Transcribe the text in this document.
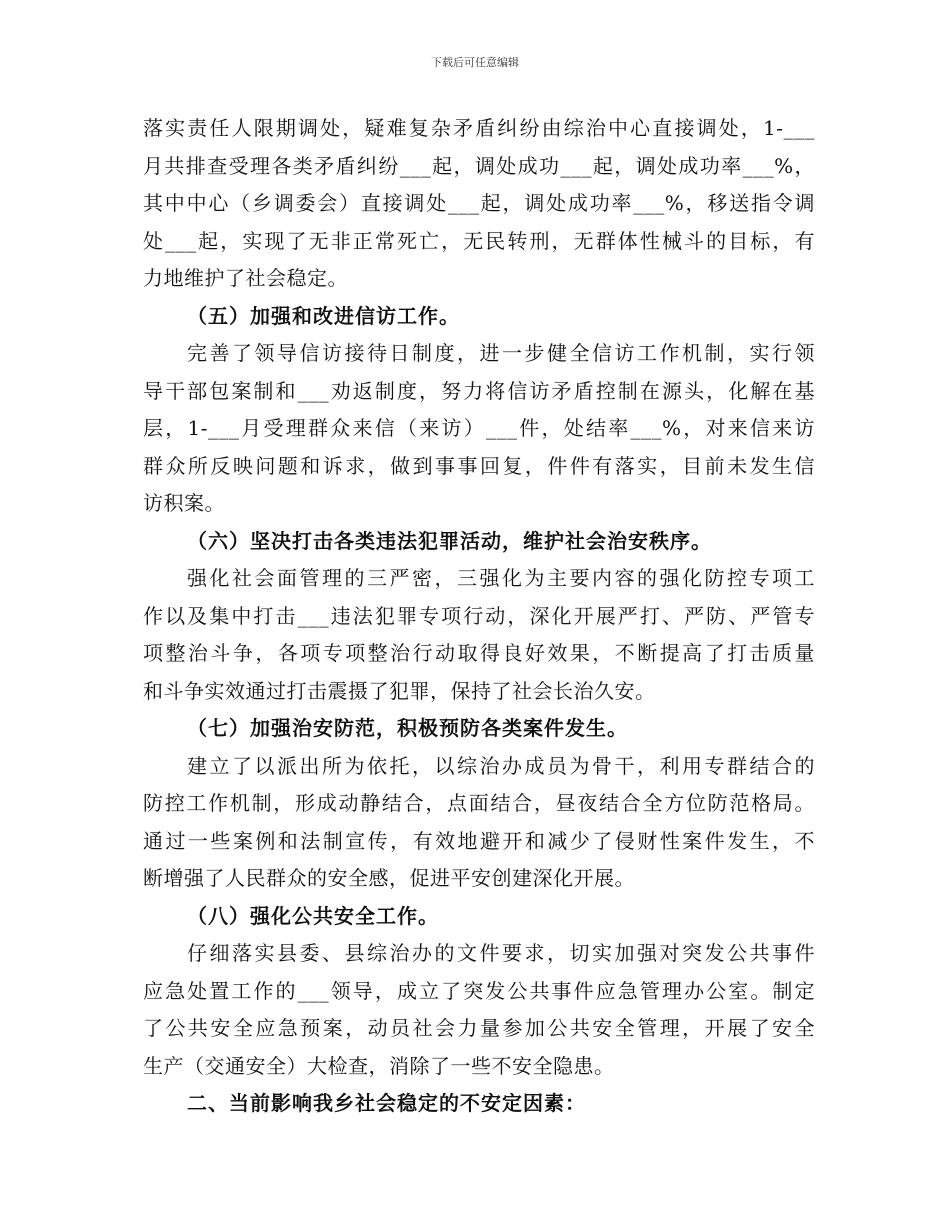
下载后可任意编辑
落实责任人限期调处，疑难复杂矛盾纠纷由综治中心直接调处，1-___
月共排查受理各类矛盾纠纷___起，调处成功___起，调处成功率___%，
其中中心（乡调委会）直接调处___起，调处成功率___%，移送指令调
处___起，实现了无非正常死亡，无民转刑，无群体性械斗的目标，有
力地维护了社会稳定。
（五）加强和改进信访工作。
完善了领导信访接待日制度，进一步健全信访工作机制，实行领
导干部包案制和___劝返制度，努力将信访矛盾控制在源头，化解在基
层，1-___月受理群众来信（来访）___件，处结率___%，对来信来访
群众所反映问题和诉求，做到事事回复，件件有落实，目前未发生信
访积案。
（六）坚决打击各类违法犯罪活动，维护社会治安秩序。
强化社会面管理的三严密，三强化为主要内容的强化防控专项工
作以及集中打击___违法犯罪专项行动，深化开展严打、严防、严管专
项整治斗争，各项专项整治行动取得良好效果，不断提高了打击质量
和斗争实效通过打击震摄了犯罪，保持了社会长治久安。
（七）加强治安防范，积极预防各类案件发生。
建立了以派出所为依托，以综治办成员为骨干，利用专群结合的
防控工作机制，形成动静结合，点面结合，昼夜结合全方位防范格局。
通过一些案例和法制宣传，有效地避开和减少了侵财性案件发生，不
断增强了人民群众的安全感，促进平安创建深化开展。
（八）强化公共安全工作。
仔细落实县委、县综治办的文件要求，切实加强对突发公共事件
应急处置工作的___领导，成立了突发公共事件应急管理办公室。制定
了公共安全应急预案，动员社会力量参加公共安全管理，开展了安全
生产（交通安全）大检查，消除了一些不安全隐患。
二、当前影响我乡社会稳定的不安定因素：
